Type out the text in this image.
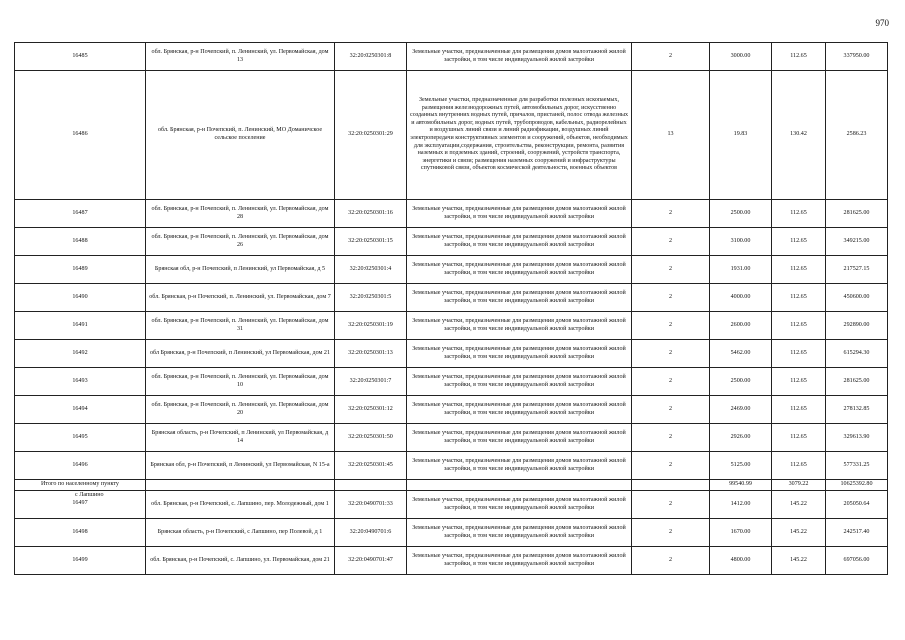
970
16485	обл. Брянская, р-н Почепский, п. Ленинский, ул. Первомайская, дом 13	32:20:0250301:8	Земельные участки, предназначенные для размещения домов малоэтажной жилой застройки, в том числе индивидуальной жилой застройки	2	3000.00	112.65	337950.00
16486	обл. Брянская, р-н Почепский, п. Ленинский, МО Доманичское сельское поселение	32:20:0250301:29	Земельные участки, предназначенные для разработки полезных ископаемых, размещения железнодорожных путей, автомобильных дорог, искусственно созданных внутренних водных путей, причалов, пристаней, полос отвода железных и автомобильных дорог, водных путей, трубопроводов, кабельных, радиорелейных и воздушных линий связи и линий радиофикации, воздушных линий электропередачи конструктивных элементов и сооружений, объектов, необходимых для эксплуатации,содержания, строительства, реконструкции, ремонта, развития наземных и подземных зданий, строений, сооружений, устройств транспорта, энергетики и связи; размещения наземных сооружений и инфраструктуры спутниковой связи, объектов космической деятельности, военных объектов	13	19.83	130.42	2586.23
16487	обл. Брянская, р-н Почепский, п. Ленинский, ул. Первомайская, дом 28	32:20:0250301:16	Земельные участки, предназначенные для размещения домов малоэтажной жилой застройки, в том числе индивидуальной жилой застройки	2	2500.00	112.65	281625.00
16488	обл. Брянская, р-н Почепский, п. Ленинский, ул. Первомайская, дом 26	32:20:0250301:15	Земельные участки, предназначенные для размещения домов малоэтажной жилой застройки, в том числе индивидуальной жилой застройки	2	3100.00	112.65	349215.00
16489	Брянская обл, р-н Почепский, п Ленинский, ул Первомайская, д 5	32:20:0250301:4	Земельные участки, предназначенные для размещения домов малоэтажной жилой застройки, в том числе индивидуальной жилой застройки	2	1931.00	112.65	217527.15
16490	обл. Брянская, р-н Почепский, п. Ленинский, ул. Первомайская, дом 7	32:20:0250301:5	Земельные участки, предназначенные для размещения домов малоэтажной жилой застройки, в том числе индивидуальной жилой застройки	2	4000.00	112.65	450600.00
16491	обл. Брянская, р-н Почепский, п. Ленинский, ул. Первомайская, дом 31	32:20:0250301:19	Земельные участки, предназначенные для размещения домов малоэтажной жилой застройки, в том числе индивидуальной жилой застройки	2	2600.00	112.65	292890.00
16492	обл Брянская, р-н Почепский, п Ленинский, ул Первомайская, дом 21	32:20:0250301:13	Земельные участки, предназначенные для размещения домов малоэтажной жилой застройки, в том числе индивидуальной жилой застройки	2	5462.00	112.65	615294.30
16493	обл. Брянская, р-н Почепский, п. Ленинский, ул. Первомайская, дом 10	32:20:0250301:7	Земельные участки, предназначенные для размещения домов малоэтажной жилой застройки, в том числе индивидуальной жилой застройки	2	2500.00	112.65	281625.00
16494	обл. Брянская, р-н Почепский, п. Ленинский, ул. Первомайская, дом 20	32:20:0250301:12	Земельные участки, предназначенные для размещения домов малоэтажной жилой застройки, в том числе индивидуальной жилой застройки	2	2469.00	112.65	278132.85
16495	Брянская область, р-н Почепский, п Ленинский, ул Первомайская, д 14	32:20:0250301:50	Земельные участки, предназначенные для размещения домов малоэтажной жилой застройки, в том числе индивидуальной жилой застройки	2	2926.00	112.65	329613.90
16496	Брянская обл, р-н Почепский, п Ленинский, ул Первомайская, N 15-а	32:20:0250301:45	Земельные участки, предназначенные для размещения домов малоэтажной жилой застройки, в том числе индивидуальной жилой застройки	2	5125.00	112.65	577331.25
Итого по населенному пункту					99540.99	3079.22	10625392.80

с Лапшино
16497	обл. Брянская, р-н Почепский, с. Лапшино, пер. Молодежный, дом 1	32:20:0490701:33	Земельные участки, предназначенные для размещения домов малоэтажной жилой застройки, в том числе индивидуальной жилой застройки	2	1412.00	145.22	205050.64
16498	Брянская область, р-н Почепский, с Лапшино, пер Полевой, д 1	32:20:0490701:6	Земельные участки, предназначенные для размещения домов малоэтажной жилой застройки, в том числе индивидуальной жилой застройки	2	1670.00	145.22	242517.40
16499	обл. Брянская, р-н Почепский, с. Лапшино, ул. Первомайская, дом 21	32:20:0490701:47	Земельные участки, предназначенные для размещения домов малоэтажной жилой застройки, в том числе индивидуальной жилой застройки	2	4800.00	145.22	697056.00
